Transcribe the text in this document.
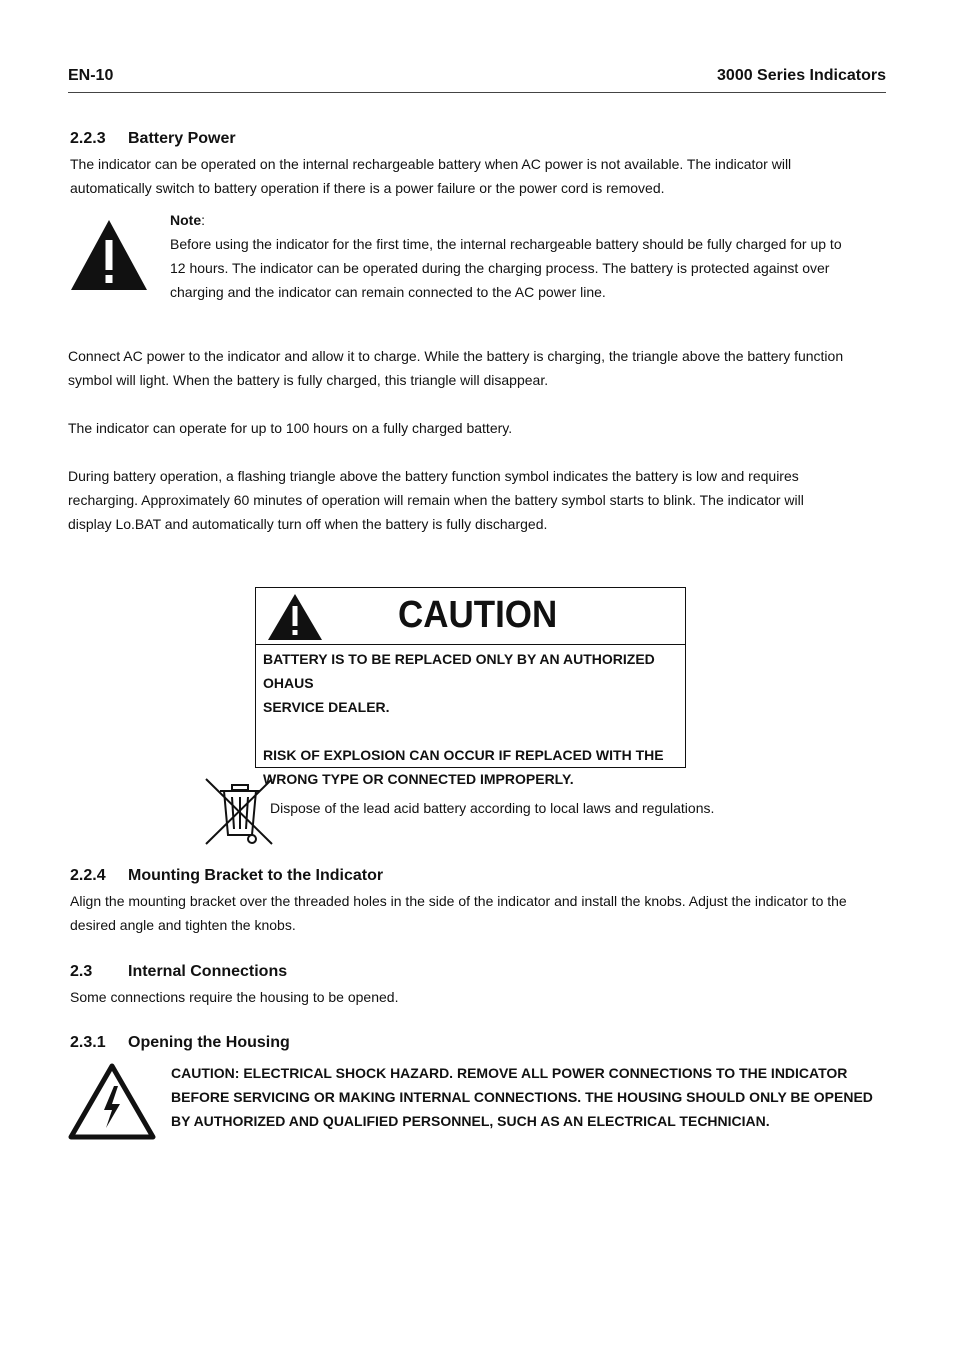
EN-10	3000 Series Indicators
2.2.3 Battery Power
The indicator can be operated on the internal rechargeable battery when AC power is not available. The indicator will
automatically switch to battery operation if there is a power failure or the power cord is removed.
Note:
Before using the indicator for the first time, the internal rechargeable battery should be fully charged for up to
12 hours. The indicator can be operated during the charging process. The battery is protected against over
charging and the indicator can remain connected to the AC power line.
Connect AC power to the indicator and allow it to charge. While the battery is charging, the triangle above the battery function
symbol will light. When the battery is fully charged, this triangle will disappear.
The indicator can operate for up to 100 hours on a fully charged battery.
During battery operation, a flashing triangle above the battery function symbol indicates the battery is low and requires
recharging. Approximately 60 minutes of operation will remain when the battery symbol starts to blink. The indicator will
display Lo.BAT and automatically turn off when the battery is fully discharged.
CAUTION
BATTERY IS TO BE REPLACED ONLY BY AN AUTHORIZED OHAUS
SERVICE DEALER.
RISK OF EXPLOSION CAN OCCUR IF REPLACED WITH THE
WRONG TYPE OR CONNECTED IMPROPERLY.
Dispose of the lead acid battery according to local laws and regulations.
2.2.4 Mounting Bracket to the Indicator
Align the mounting bracket over the threaded holes in the side of the indicator and install the knobs. Adjust the indicator to the
desired angle and tighten the knobs.
2.3 Internal Connections
Some connections require the housing to be opened.
2.3.1 Opening the Housing
CAUTION: ELECTRICAL SHOCK HAZARD. REMOVE ALL POWER CONNECTIONS TO THE INDICATOR
BEFORE SERVICING OR MAKING INTERNAL CONNECTIONS. THE HOUSING SHOULD ONLY BE OPENED
BY AUTHORIZED AND QUALIFIED PERSONNEL, SUCH AS AN ELECTRICAL TECHNICIAN.
